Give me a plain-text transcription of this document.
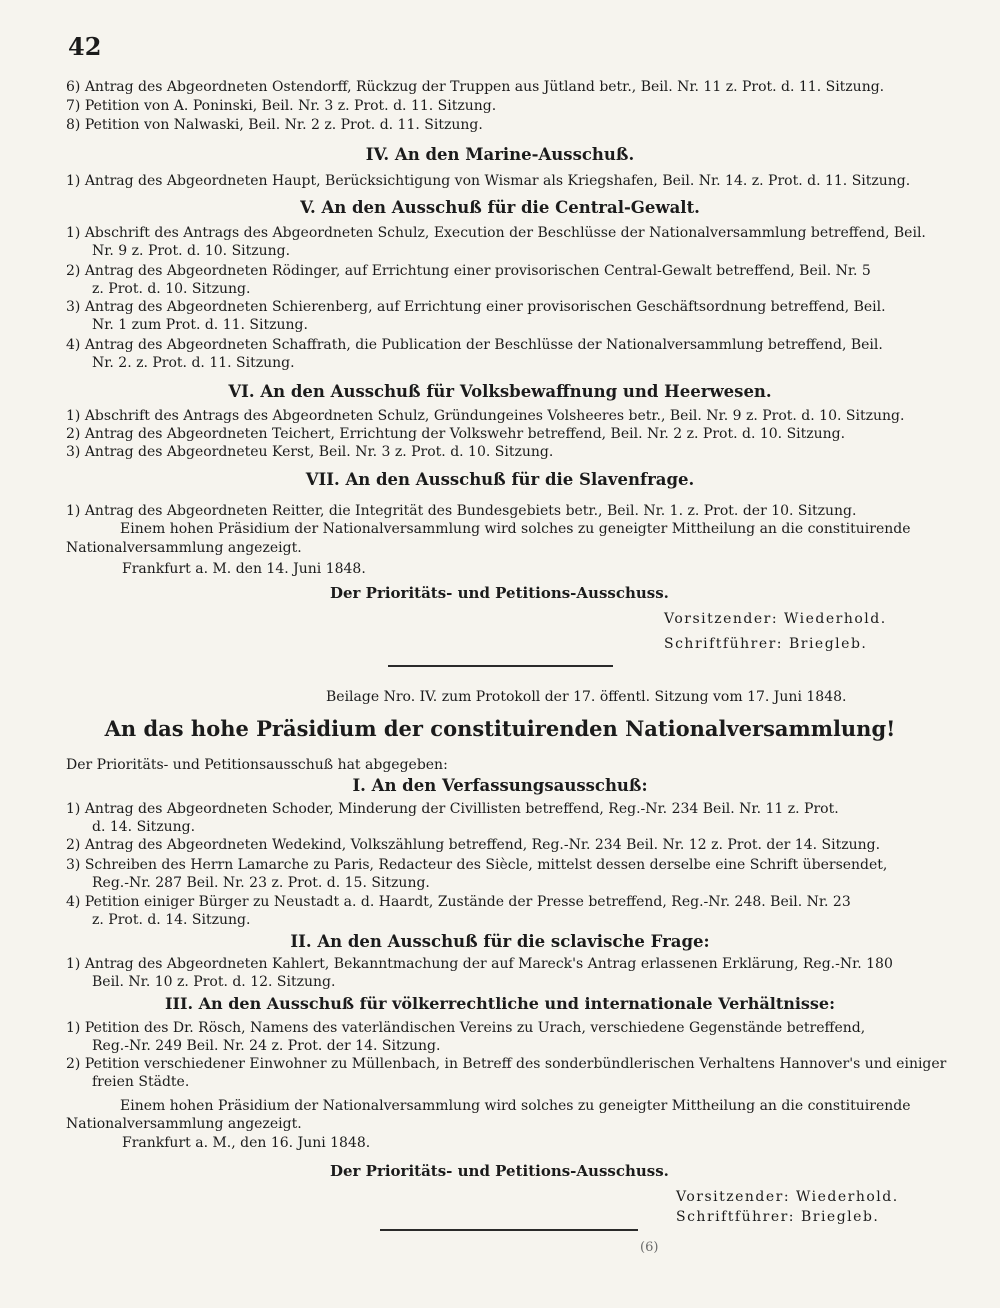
42
6) Antrag des Abgeordneten Ostendorff, Rückzug der Truppen aus Jütland betr., Beil. Nr. 11 z. Prot. d. 11. Sitzung.
7) Petition von A. Poninski, Beil. Nr. 3 z. Prot. d. 11. Sitzung.
8) Petition von Nalwaski, Beil. Nr. 2 z. Prot. d. 11. Sitzung.
IV. An den Marine-Ausschuß.
1) Antrag des Abgeordneten Haupt, Berücksichtigung von Wismar als Kriegshafen, Beil. Nr. 14. z. Prot. d. 11. Sitzung.
V. An den Ausschuß für die Central-Gewalt.
1) Abschrift des Antrags des Abgeordneten Schulz, Execution der Beschlüsse der Nationalversammlung betreffend, Beil.
Nr. 9 z. Prot. d. 10. Sitzung.
2) Antrag des Abgeordneten Rödinger, auf Errichtung einer provisorischen Central-Gewalt betreffend, Beil. Nr. 5
z. Prot. d. 10. Sitzung.
3) Antrag des Abgeordneten Schierenberg, auf Errichtung einer provisorischen Geschäftsordnung betreffend, Beil.
Nr. 1 zum Prot. d. 11. Sitzung.
4) Antrag des Abgeordneten Schaffrath, die Publication der Beschlüsse der Nationalversammlung betreffend, Beil.
Nr. 2. z. Prot. d. 11. Sitzung.
VI. An den Ausschuß für Volksbewaffnung und Heerwesen.
1) Abschrift des Antrags des Abgeordneten Schulz, Gründungeines Volsheeres betr., Beil. Nr. 9 z. Prot. d. 10. Sitzung.
2) Antrag des Abgeordneten Teichert, Errichtung der Volkswehr betreffend, Beil. Nr. 2 z. Prot. d. 10. Sitzung.
3) Antrag des Abgeordneteu Kerst, Beil. Nr. 3 z. Prot. d. 10. Sitzung.
VII. An den Ausschuß für die Slavenfrage.
1) Antrag des Abgeordneten Reitter, die Integrität des Bundesgebiets betr., Beil. Nr. 1. z. Prot. der 10. Sitzung.
Einem hohen Präsidium der Nationalversammlung wird solches zu geneigter Mittheilung an die constituirende
Nationalversammlung angezeigt.
Frankfurt a. M. den 14. Juni 1848.
Der Prioritäts- und Petitions-Ausschuss.
Vorsitzender: Wiederhold.
Schriftführer: Briegleb.
Beilage Nro. IV. zum Protokoll der 17. öffentl. Sitzung vom 17. Juni 1848.
An das hohe Präsidium der constituirenden Nationalversammlung!
Der Prioritäts- und Petitionsausschuß hat abgegeben:
I. An den Verfassungsausschuß:
1) Antrag des Abgeordneten Schoder, Minderung der Civillisten betreffend, Reg.-Nr. 234 Beil. Nr. 11 z. Prot.
d. 14. Sitzung.
2) Antrag des Abgeordneten Wedekind, Volkszählung betreffend, Reg.-Nr. 234 Beil. Nr. 12 z. Prot. der 14. Sitzung.
3) Schreiben des Herrn Lamarche zu Paris, Redacteur des Siècle, mittelst dessen derselbe eine Schrift übersendet,
Reg.-Nr. 287 Beil. Nr. 23 z. Prot. d. 15. Sitzung.
4) Petition einiger Bürger zu Neustadt a. d. Haardt, Zustände der Presse betreffend, Reg.-Nr. 248. Beil. Nr. 23
z. Prot. d. 14. Sitzung.
II. An den Ausschuß für die sclavische Frage:
1) Antrag des Abgeordneten Kahlert, Bekanntmachung der auf Mareck's Antrag erlassenen Erklärung, Reg.-Nr. 180
Beil. Nr. 10 z. Prot. d. 12. Sitzung.
III. An den Ausschuß für völkerrechtliche und internationale Verhältnisse:
1) Petition des Dr. Rösch, Namens des vaterländischen Vereins zu Urach, verschiedene Gegenstände betreffend,
Reg.-Nr. 249 Beil. Nr. 24 z. Prot. der 14. Sitzung.
2) Petition verschiedener Einwohner zu Müllenbach, in Betreff des sonderbündlerischen Verhaltens Hannover's und einiger
freien Städte.
Einem hohen Präsidium der Nationalversammlung wird solches zu geneigter Mittheilung an die constituirende
Nationalversammlung angezeigt.
Frankfurt a. M., den 16. Juni 1848.
Der Prioritäts- und Petitions-Ausschuss.
Vorsitzender: Wiederhold.
Schriftführer: Briegleb.
(6)
